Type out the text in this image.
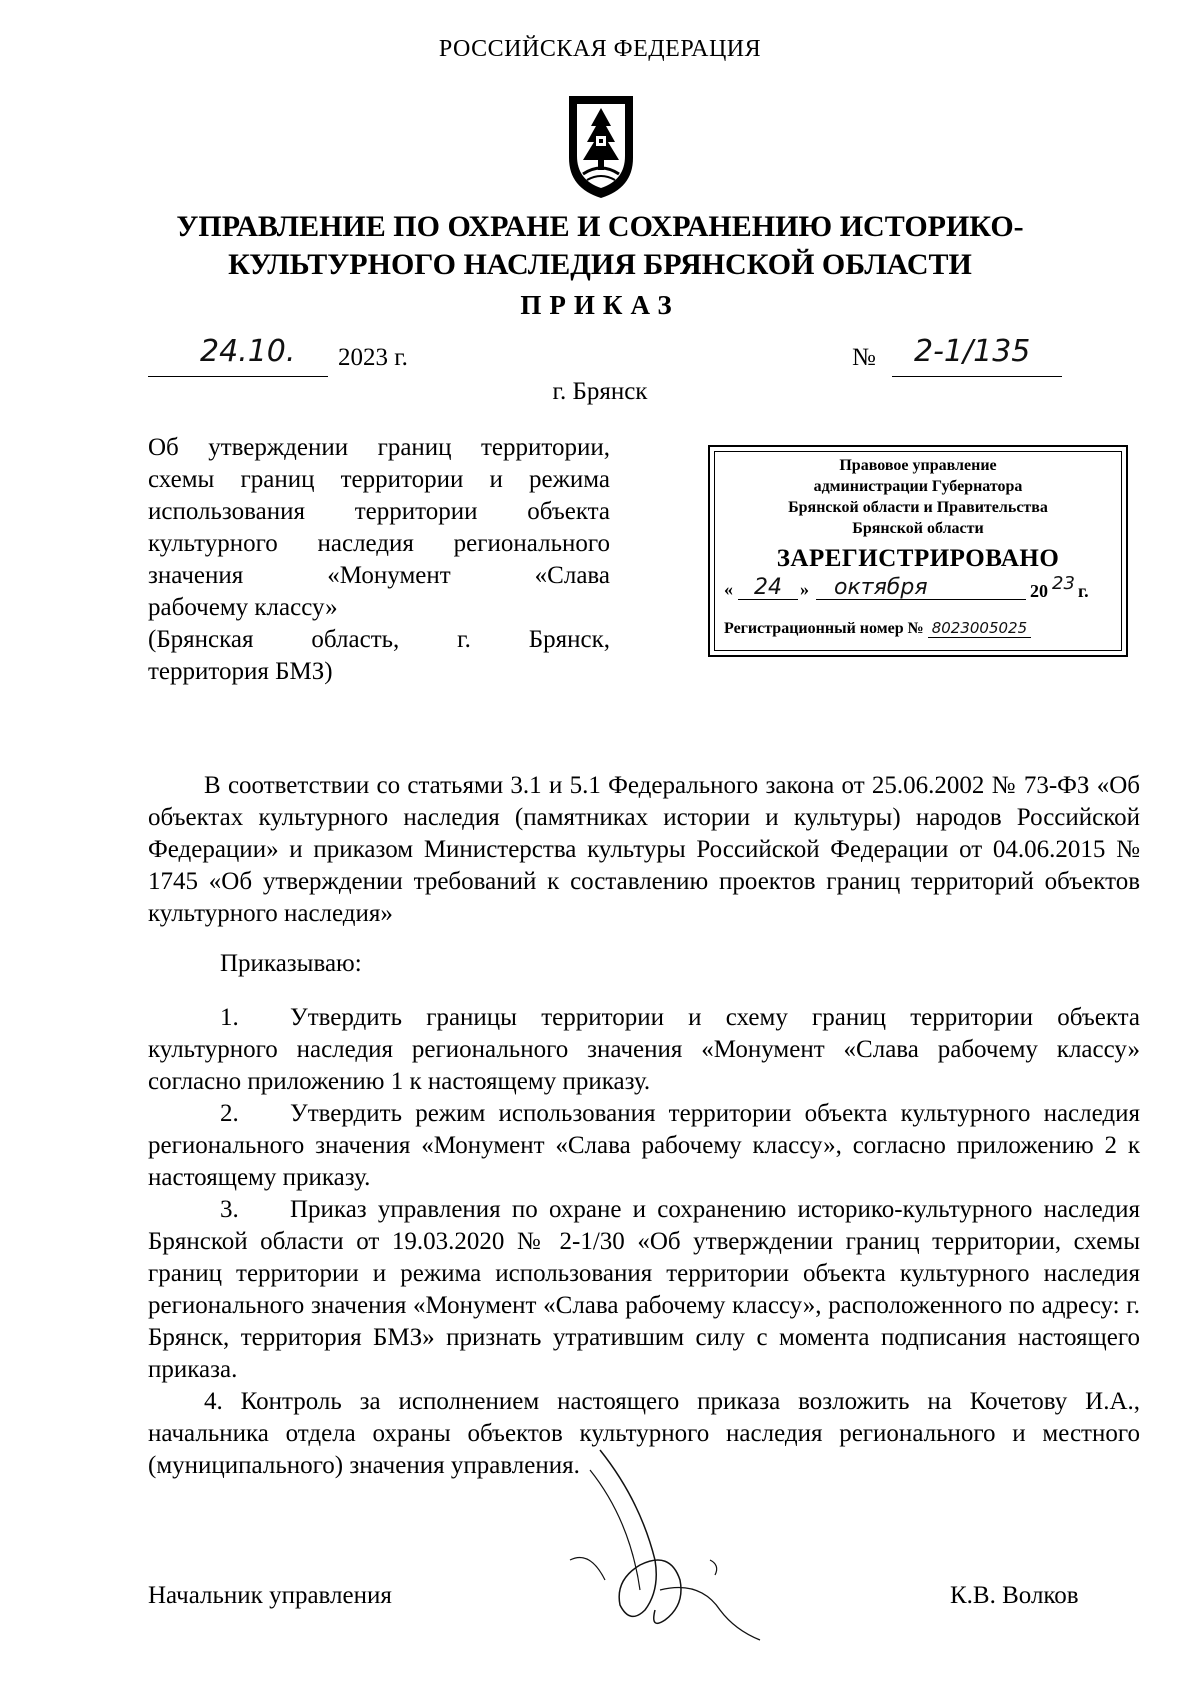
РОССИЙСКАЯ ФЕДЕРАЦИЯ
УПРАВЛЕНИЕ ПО ОХРАНЕ И СОХРАНЕНИЮ ИСТОРИКО-
КУЛЬТУРНОГО НАСЛЕДИЯ БРЯНСКОЙ ОБЛАСТИ
ПРИКАЗ
24.10. 2023 г.	№ 2-1/135
г. Брянск
Об утверждении границ территории,
схемы границ территории и режима
использования территории объекта
культурного наследия регионального
значения «Монумент «Слава
рабочему классу»
(Брянская область, г. Брянск,
территория БМЗ)
Правовое управление
администрации Губернатора
Брянской области и Правительства
Брянской области
ЗАРЕГИСТРИРОВАНО
« 24 » октября	20 23 г.
Регистрационный номер № 8023005025

В соответствии со статьями 3.1 и 5.1 Федерального закона от 25.06.2002 № 73-ФЗ «Об объектах культурного наследия (памятниках истории и культуры) народов Российской Федерации» и приказом Министерства культуры Российской Федерации от 04.06.2015 № 1745 «Об утверждении требований к составлению проектов границ территорий объектов культурного наследия»

Приказываю:

1. Утвердить границы территории и схему границ территории объекта культурного наследия регионального значения «Монумент «Слава рабочему классу» согласно приложению 1 к настоящему приказу.

2. Утвердить режим использования территории объекта культурного наследия регионального значения «Монумент «Слава рабочему классу», согласно приложению 2 к настоящему приказу.

3. Приказ управления по охране и сохранению историко-культурного наследия Брянской области от 19.03.2020 № 2-1/30 «Об утверждении границ территории, схемы границ территории и режима использования территории объекта культурного наследия регионального значения «Монумент «Слава рабочему классу», расположенного по адресу: г. Брянск, территория БМЗ» признать утратившим силу с момента подписания настоящего приказа.

4. Контроль за исполнением настоящего приказа возложить на Кочетову И.А., начальника отдела охраны объектов культурного наследия регионального и местного (муниципального) значения управления.

Начальник управления	К.В. Волков
